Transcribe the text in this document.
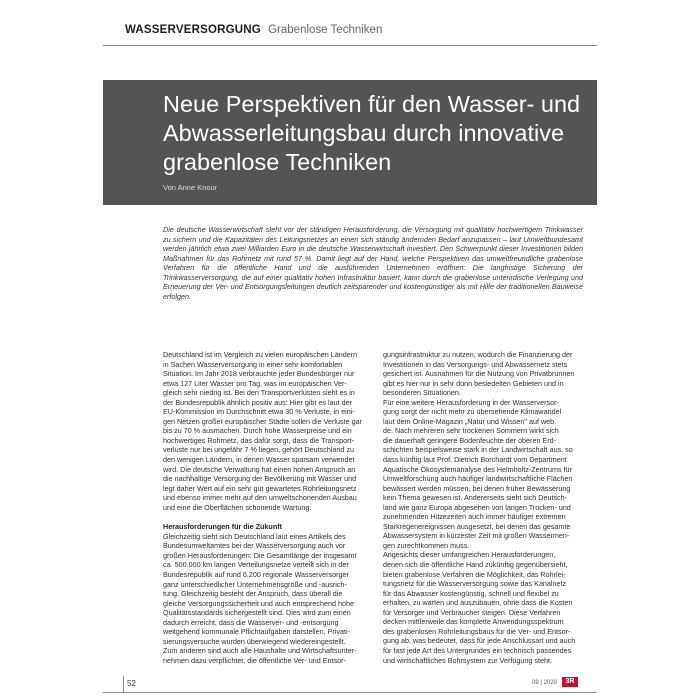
WASSERVERSORGUNG Grabenlose Techniken
Neue Perspektiven für den Wasser- und
Abwasserleitungsbau durch innovative
grabenlose Techniken
Von Anne Knour
Die deutsche Wasserwirtschaft steht vor der ständigen Herausforderung, die Versorgung mit qualitativ hochwertigem Trinkwasser zu sichern und die Kapazitäten des Leitungsnetzes an einen sich ständig ändernden Bedarf anzupassen – laut Umweltbundesamt werden jährlich etwa zwei Milliarden Euro in die deutsche Wasserwirtschaft investiert. Den Schwerpunkt dieser Investitionen bilden Maßnahmen für das Rohrnetz mit rund 57 %. Damit liegt auf der Hand, welche Perspektiven das umweltfreundliche grabenlose Verfahren für die öffentliche Hand und die ausführenden Unternehmen eröffnen: Die langfristige Sicherung der Trinkwasserversorgung, die auf einer qualitativ hohen Infrastruktur basiert, kann durch die grabenlose unterirdische Verlegung und Erneuerung der Ver- und Entsorgungsleitungen deutlich zeitsparender und kostengünstiger als mit Hilfe der traditionellen Bauweise erfolgen.
Deutschland ist im Vergleich zu vielen europäischen Ländern
in Sachen Wasserversorgung in einer sehr komfortablen
Situation: Im Jahr 2018 verbrauchte jeder Bundesbürger nur
etwa 127 Liter Wasser pro Tag, was im europäischen Ver-
gleich sehr niedrig ist. Bei den Transportverlusten sieht es in
der Bundesrepublik ähnlich positiv aus: Hier gibt es laut der
EU-Kommission im Durchschnitt etwa 30 % Verluste, in eini-
gen Netzen großer europäischer Städte sollen die Verluste gar
bis zu 70 % ausmachen. Durch hohe Wasserpreise und ein
hochwertiges Rohrnetz, das dafür sorgt, dass die Transport-
verluste nur bei ungefähr 7 % liegen, gehört Deutschland zu
den wenigen Ländern, in denen Wasser sparsam verwendet
wird. Die deutsche Verwaltung hat einen hohen Anspruch an
die nachhaltige Versorgung der Bevölkerung mit Wasser und
legt daher Wert auf ein sehr gut gewartetes Rohrleitungsnetz
und ebenso immer mehr auf den umweltschonenden Ausbau
und eine die Oberflächen schonende Wartung.
Herausforderungen für die Zukunft
Gleichzeitig sieht sich Deutschland laut eines Artikels des
Bundesumweltamtes bei der Wasserversorgung auch vor
großen Herausforderungen: Die Gesamtlänge der insgesamt
ca. 500.000 km langen Verteilungsnetze verteilt sich in der
Bundesrepublik auf rund 6.200 regionale Wasserversorger
ganz unterschiedlicher Unternehmensgröße und -ausrich-
tung. Gleichzeitig besteht der Anspruch, dass überall die
gleiche Versorgungssicherheit und auch entsprechend hohe
Qualitätsstandards sichergestellt sind. Dies wird zum einen
dadurch erreicht, dass die Wasserver- und -entsorgung
weitgehend kommunale Pflichtaufgaben darstellen, Privati-
sierungsversuche wurden überwiegend wiedereingestellt.
Zum anderen sind auch alle Haushalte und Wirtschaftsunter-
nehmen dazu verpflichtet, die öffentliche Ver- und Entsor-
gungsinfrastruktur zu nutzen, wodurch die Finanzierung der
Investitionen in das Versorgungs- und Abwassernetz stets
gesichert ist. Ausnahmen für die Nutzung von Privatbrunnen
gibt es hier nur in sehr dünn besiedelten Gebieten und in
besonderen Situationen.
Für eine weitere Herausforderung in der Wasserversor-
gung sorgt der nicht mehr zu übersehende Klimawandel
laut dem Online-Magazin „Natur und Wissen" auf web.
de. Nach mehreren sehr trockenen Sommern wirkt sich
die dauerhaft geringere Bodenfeuchte der oberen Erd-
schichten beispielsweise stark in der Landwirtschaft aus, so
dass künftig laut Prof. Dietrich Borchardt vom Department
Aquatische Ökosystemanalyse des Helmholtz-Zentrums für
Umweltforschung auch häufiger landwirtschaftliche Flächen
bewässert werden müssen, bei denen früher Bewässerung
kein Thema gewesen ist. Andererseits sieht sich Deutsch-
land wie ganz Europa abgesehen von langen Trocken- und
zunehmenden Hitzezeiten auch immer häufiger extremen
Starkregenereignissen ausgesetzt, bei denen das gesamte
Abwassersystem in kürzester Zeit mit großen Wassermen-
gen zurechtkommen muss.
Angesichts dieser umfangreichen Herausforderungen,
denen sich die öffentliche Hand zukünftig gegenübersieht,
bieten grabenlose Verfahren die Möglichkeit, das Rohrlei-
tungsnetz für die Wasserversorgung sowie das Kanalnetz
für das Abwasser kostengünstig, schnell und flexibel zu
erhalten, zu warten und auszubauen, ohne dass die Kosten
für Versorger und Verbraucher steigen. Diese Verfahren
decken mittlerweile das komplette Anwendungsspektrum
des grabenlosen Rohrleitungsbaus für die Ver- und Entsor-
gung ab, was bedeutet, dass für jede Anschlussart und auch
für fast jede Art des Untergrundes ein technisch passendes
und wirtschaftliches Bohrsystem zur Verfügung steht.
52	09 | 2020	3R
